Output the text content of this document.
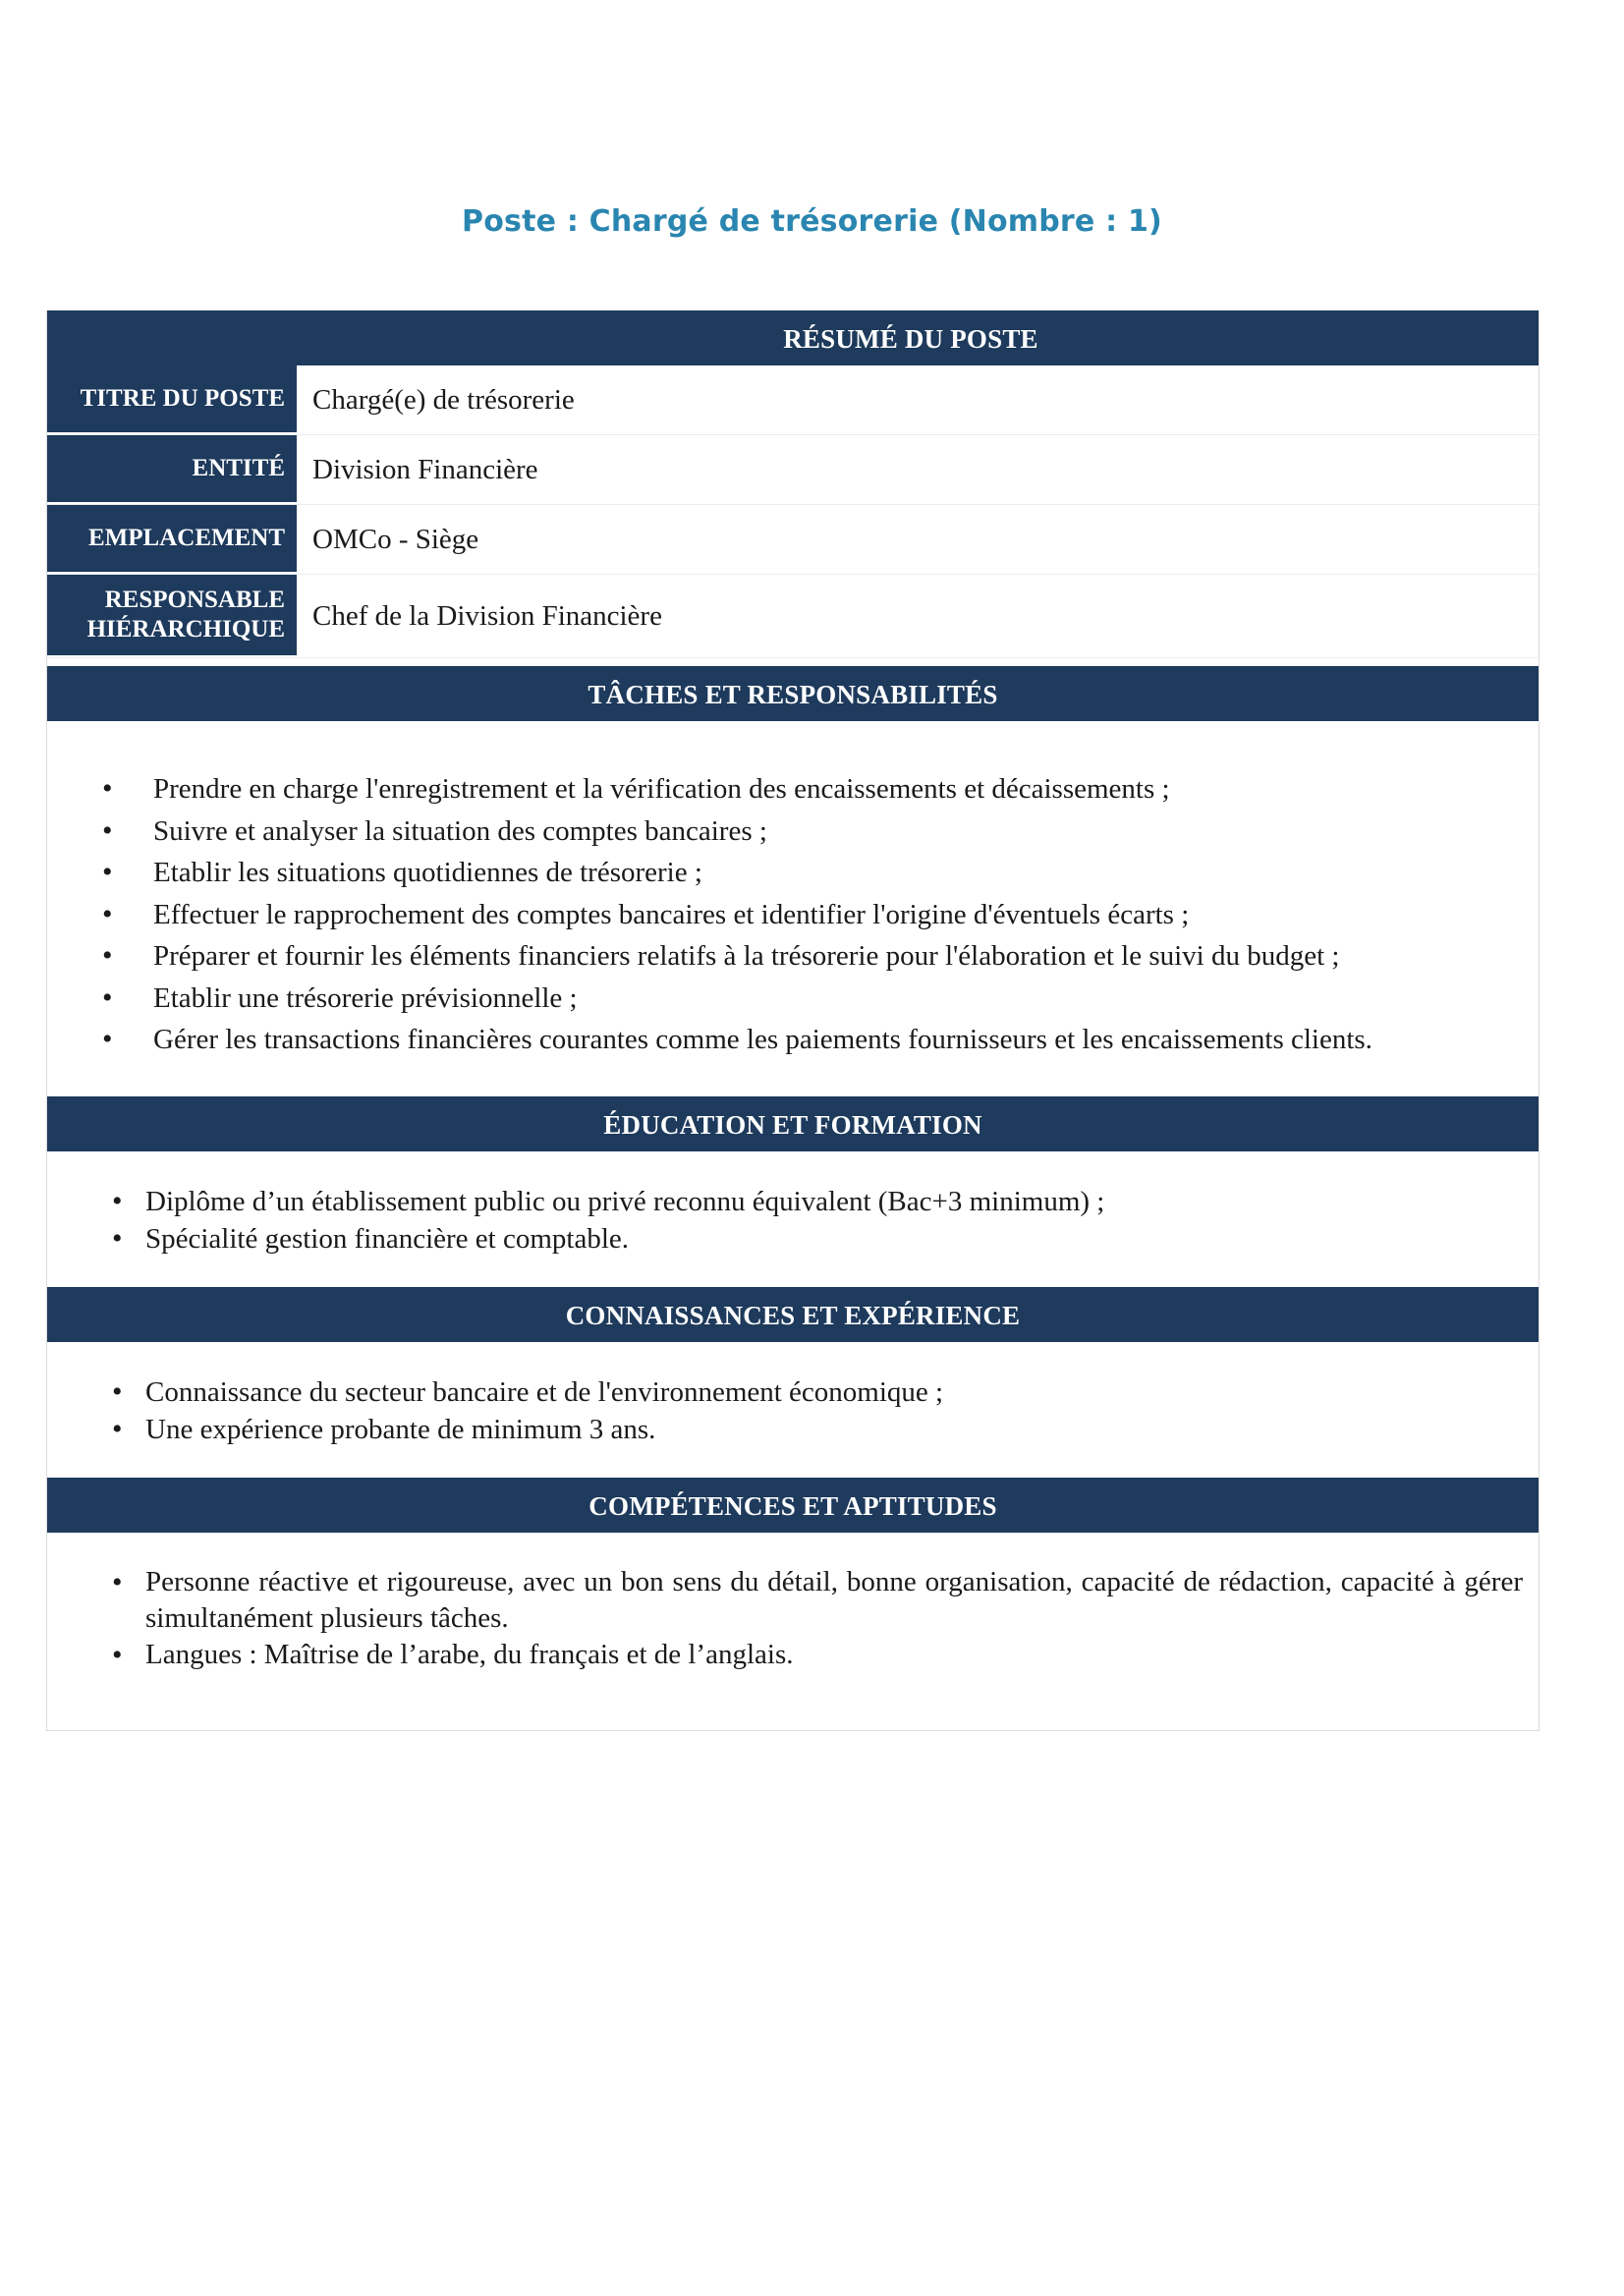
Poste : Chargé de trésorerie (Nombre : 1)
RÉSUMÉ DU POSTE
TITRE DU POSTE Chargé(e) de trésorerie
ENTITÉ Division Financière
EMPLACEMENT OMCo - Siège
RESPONSABLE
HIÉRARCHIQUE Chef de la Division Financière
TÂCHES ET RESPONSABILITÉS
• Prendre en charge l'enregistrement et la vérification des encaissements et décaissements ;
• Suivre et analyser la situation des comptes bancaires ;
• Etablir les situations quotidiennes de trésorerie ;
• Effectuer le rapprochement des comptes bancaires et identifier l'origine d'éventuels écarts ;
• Préparer et fournir les éléments financiers relatifs à la trésorerie pour l'élaboration et le suivi du budget ;
• Etablir une trésorerie prévisionnelle ;
• Gérer les transactions financières courantes comme les paiements fournisseurs et les encaissements clients.
ÉDUCATION ET FORMATION
• Diplôme d’un établissement public ou privé reconnu équivalent (Bac+3 minimum) ;
• Spécialité gestion financière et comptable.
CONNAISSANCES ET EXPÉRIENCE
• Connaissance du secteur bancaire et de l'environnement économique ;
• Une expérience probante de minimum 3 ans.
COMPÉTENCES ET APTITUDES
• Personne réactive et rigoureuse, avec un bon sens du détail, bonne organisation, capacité de rédaction, capacité à gérer simultanément plusieurs tâches.
• Langues : Maîtrise de l’arabe, du français et de l’anglais.
